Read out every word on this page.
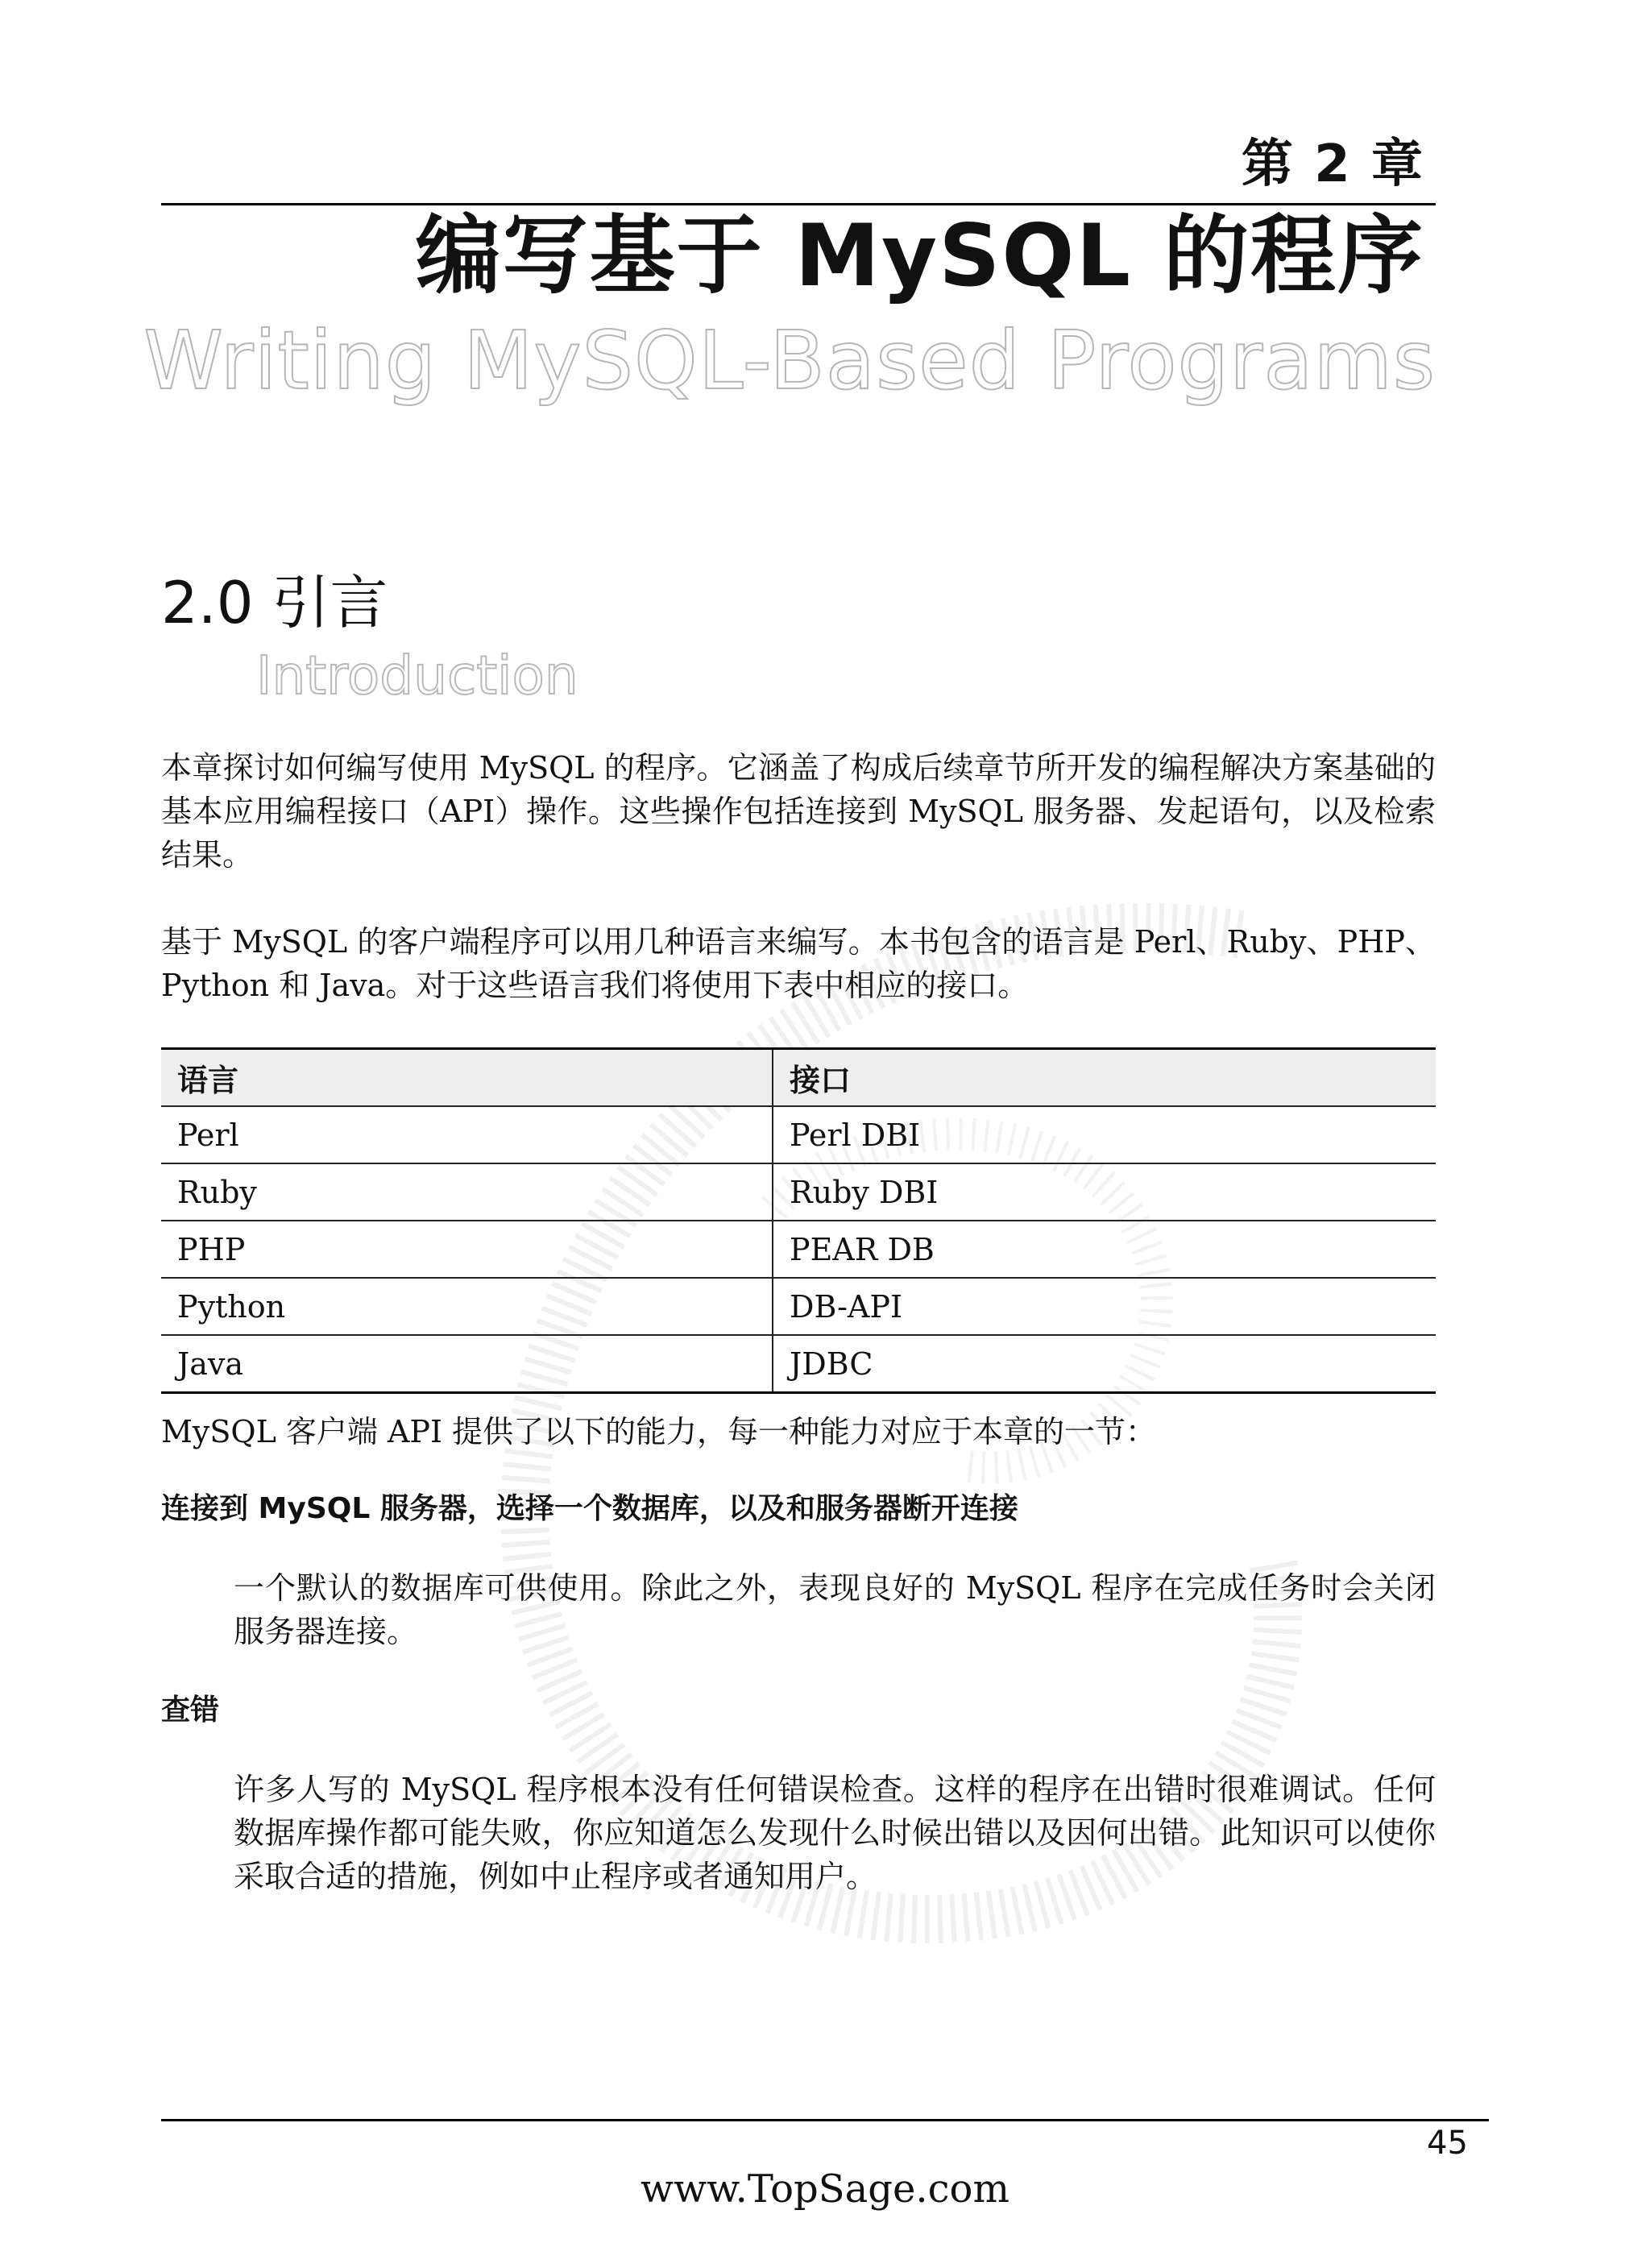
第 2 章
编写基于 MySQL 的程序
Writing MySQL-Based Programs
2.0 引言
Introduction
本章探讨如何编写使用 MySQL 的程序。它涵盖了构成后续章节所开发的编程解决方案基础的基本应用编程接口（API）操作。这些操作包括连接到 MySQL 服务器、发起语句，以及检索结果。
基于 MySQL 的客户端程序可以用几种语言来编写。本书包含的语言是 Perl、Ruby、PHP、Python 和 Java。对于这些语言我们将使用下表中相应的接口。
语言	接口
Perl	Perl DBI
Ruby	Ruby DBI
PHP	PEAR DB
Python	DB-API
Java	JDBC
MySQL 客户端 API 提供了以下的能力，每一种能力对应于本章的一节：
连接到 MySQL 服务器，选择一个数据库，以及和服务器断开连接
一个默认的数据库可供使用。除此之外，表现良好的 MySQL 程序在完成任务时会关闭服务器连接。
查错
许多人写的 MySQL 程序根本没有任何错误检查。这样的程序在出错时很难调试。任何数据库操作都可能失败，你应知道怎么发现什么时候出错以及因何出错。此知识可以使你采取合适的措施，例如中止程序或者通知用户。
45
www.TopSage.com
